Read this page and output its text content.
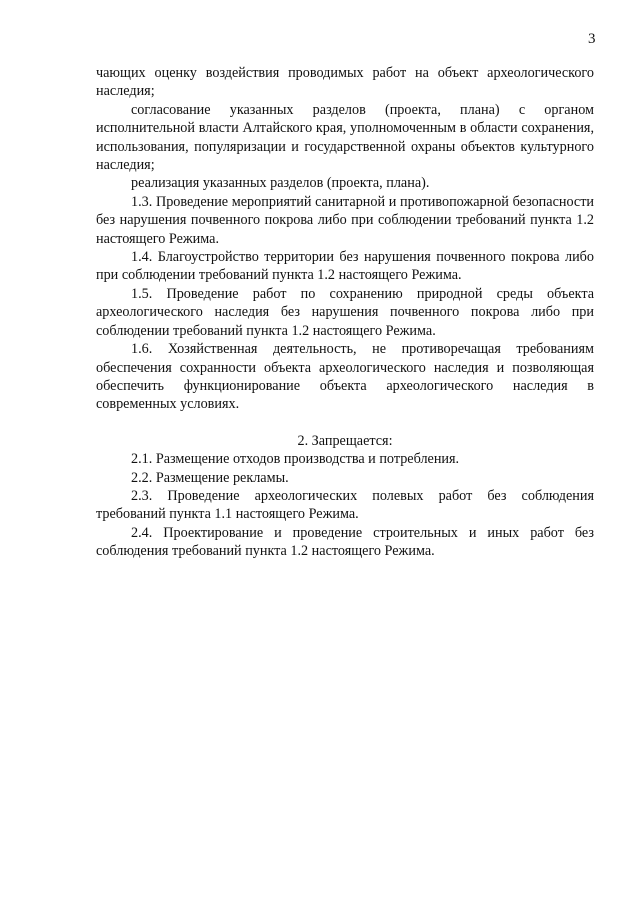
3

чающих оценку воздействия проводимых работ на объект археологического наследия;

согласование указанных разделов (проекта, плана) с органом исполнительной власти Алтайского края, уполномоченным в области сохранения, использования, популяризации и государственной охраны объектов культурного наследия;

реализация указанных разделов (проекта, плана).

1.3. Проведение мероприятий санитарной и противопожарной безопасности без нарушения почвенного покрова либо при соблюдении требований пункта 1.2 настоящего Режима.

1.4. Благоустройство территории без нарушения почвенного покрова либо при соблюдении требований пункта 1.2 настоящего Режима.

1.5. Проведение работ по сохранению природной среды объекта археологического наследия без нарушения почвенного покрова либо при соблюдении требований пункта 1.2 настоящего Режима.

1.6. Хозяйственная деятельность, не противоречащая требованиям обеспечения сохранности объекта археологического наследия и позволяющая обеспечить функционирование объекта археологического наследия в современных условиях.

2. Запрещается:

2.1. Размещение отходов производства и потребления.

2.2. Размещение рекламы.

2.3. Проведение археологических полевых работ без соблюдения требований пункта 1.1 настоящего Режима.

2.4. Проектирование и проведение строительных и иных работ без соблюдения требований пункта 1.2 настоящего Режима.
